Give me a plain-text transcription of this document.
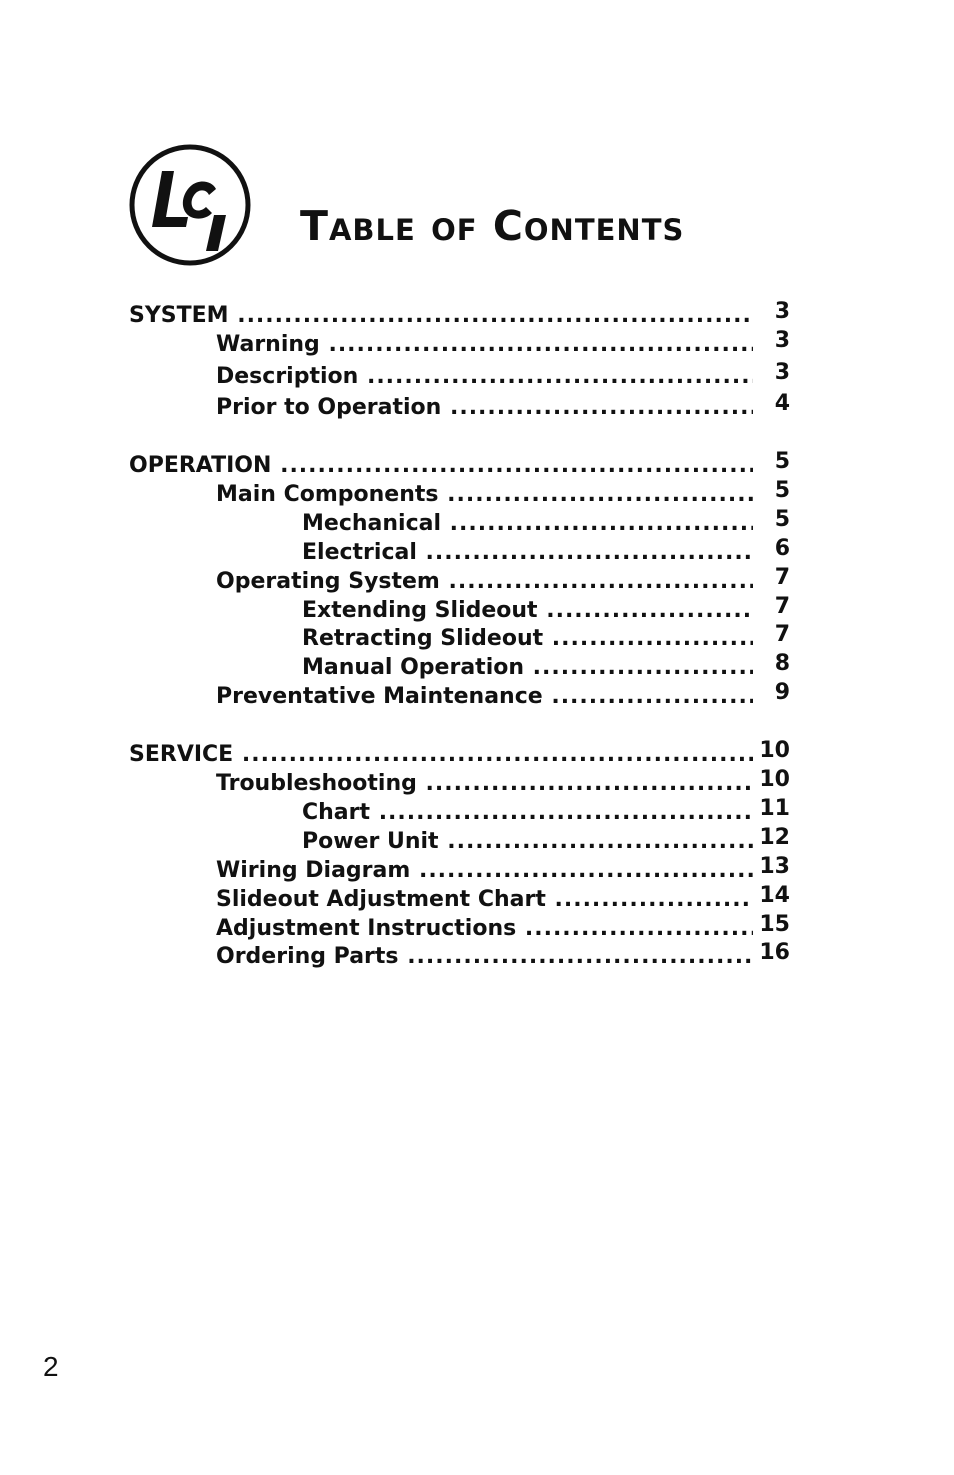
Table of Contents
SYSTEM .....	3
Warning .....	3
Description .....	3
Prior to Operation .....	4
OPERATION .....	5
Main Components .....	5
Mechanical .....	5
Electrical .....	6
Operating System .....	7
Extending Slideout .....	7
Retracting Slideout .....	7
Manual Operation .....	8
Preventative Maintenance .....	9
SERVICE .....	10
Troubleshooting .....	10
Chart .....	11
Power Unit .....	12
Wiring Diagram .....	13
Slideout Adjustment Chart .....	14
Adjustment Instructions .....	15
Ordering Parts .....	16
2
